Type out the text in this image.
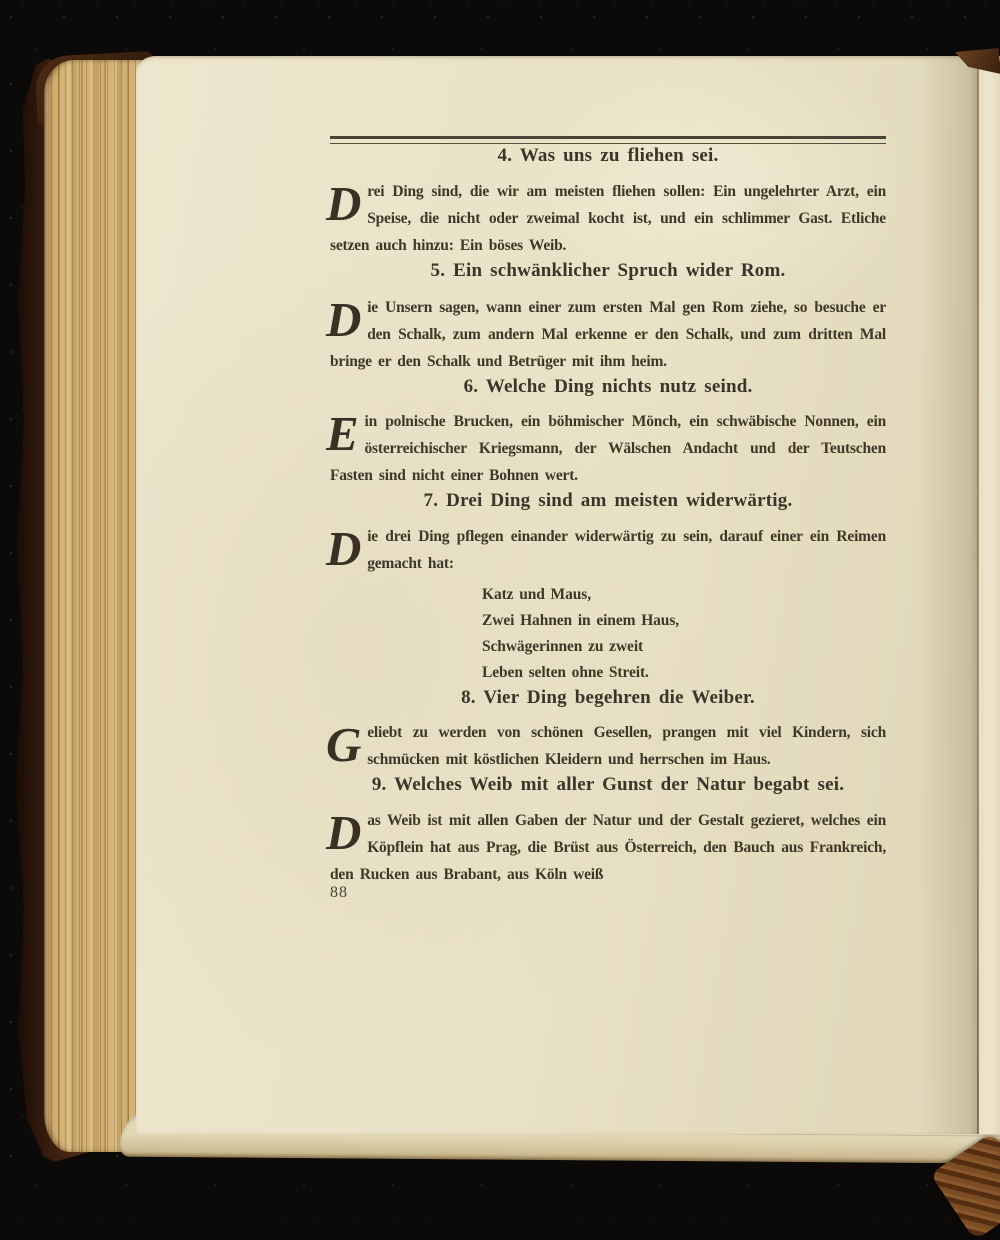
4. Was uns zu fliehen sei.

Drei Ding sind, die wir am meisten fliehen sollen: Ein ungelehrter Arzt, ein Speise, die nicht oder zweimal kocht ist, und ein schlimmer Gast. Etliche setzen auch hinzu: Ein böses Weib.

5. Ein schwänklicher Spruch wider Rom.

Die Unsern sagen, wann einer zum ersten Mal gen Rom ziehe, so besuche er den Schalk, zum andern Mal erkenne er den Schalk, und zum dritten Mal bringe er den Schalk und Betrüger mit ihm heim.

6. Welche Ding nichts nutz seind.

Ein polnische Brucken, ein böhmischer Mönch, ein schwäbische Nonnen, ein österreichischer Kriegsmann, der Wälschen Andacht und der Teutschen Fasten sind nicht einer Bohnen wert.

7. Drei Ding sind am meisten widerwärtig.

Die drei Ding pflegen einander widerwärtig zu sein, darauf einer ein Reimen gemacht hat:

Katz und Maus,
Zwei Hahnen in einem Haus,
Schwägerinnen zu zweit
Leben selten ohne Streit.
8. Vier Ding begehren die Weiber.

Geliebt zu werden von schönen Gesellen, prangen mit viel Kindern, sich schmücken mit köstlichen Kleidern und herrschen im Haus.

9. Welches Weib mit aller Gunst der Natur begabt sei.

Das Weib ist mit allen Gaben der Natur und der Gestalt gezieret, welches ein Köpflein hat aus Prag, die Brüst aus Österreich, den Bauch aus Frankreich, den Rucken aus Brabant, aus Köln weiß

88
